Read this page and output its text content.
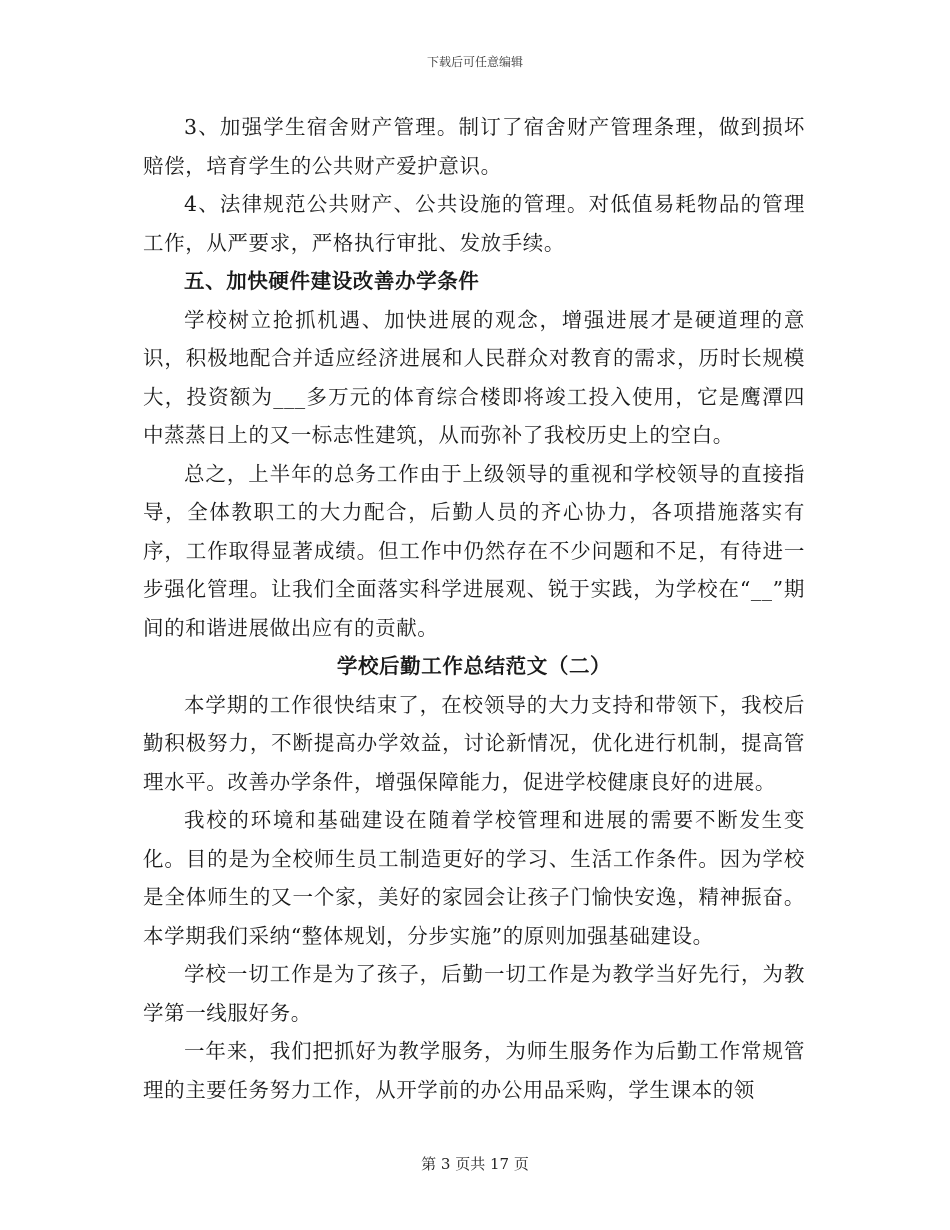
下载后可任意编辑

3、加强学生宿舍财产管理。制订了宿舍财产管理条理，做到损坏赔偿，培育学生的公共财产爱护意识。

4、法律规范公共财产、公共设施的管理。对低值易耗物品的管理工作，从严要求，严格执行审批、发放手续。

五、加快硬件建设改善办学条件

学校树立抢抓机遇、加快进展的观念，增强进展才是硬道理的意识，积极地配合并适应经济进展和人民群众对教育的需求，历时长规模大，投资额为___多万元的体育综合楼即将竣工投入使用，它是鹰潭四中蒸蒸日上的又一标志性建筑，从而弥补了我校历史上的空白。

总之，上半年的总务工作由于上级领导的重视和学校领导的直接指导，全体教职工的大力配合，后勤人员的齐心协力，各项措施落实有序，工作取得显著成绩。但工作中仍然存在不少问题和不足，有待进一步强化管理。让我们全面落实科学进展观、锐于实践，为学校在“__”期间的和谐进展做出应有的贡献。

学校后勤工作总结范文（二）

本学期的工作很快结束了，在校领导的大力支持和带领下，我校后勤积极努力，不断提高办学效益，讨论新情况，优化进行机制，提高管理水平。改善办学条件，增强保障能力，促进学校健康良好的进展。

我校的环境和基础建设在随着学校管理和进展的需要不断发生变化。目的是为全校师生员工制造更好的学习、生活工作条件。因为学校是全体师生的又一个家，美好的家园会让孩子门愉快安逸，精神振奋。本学期我们采纳“整体规划，分步实施”的原则加强基础建设。

学校一切工作是为了孩子，后勤一切工作是为教学当好先行，为教学第一线服好务。

一年来，我们把抓好为教学服务，为师生服务作为后勤工作常规管理的主要任务努力工作，从开学前的办公用品采购，学生课本的领

第 3 页共 17 页
